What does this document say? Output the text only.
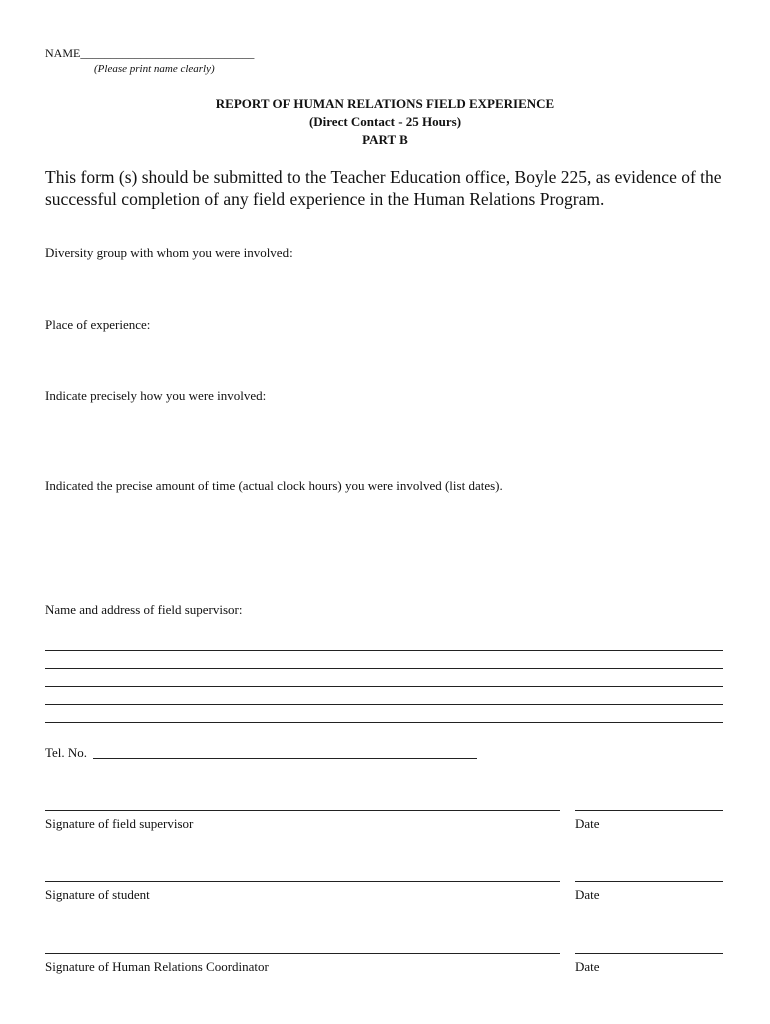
NAME_____________________________
(Please print name clearly)
REPORT OF HUMAN RELATIONS FIELD EXPERIENCE
(Direct Contact - 25 Hours)
PART B
This form (s) should be submitted to the Teacher Education office, Boyle 225, as evidence of the successful completion of any field experience in the Human Relations Program.
Diversity group with whom you were involved:
Place of experience:
Indicate precisely how you were involved:
Indicated the precise amount of time (actual clock hours) you were involved (list dates).
Name and address of field supervisor:
Tel. No.
Signature of field supervisor	Date
Signature of student	Date
Signature of Human Relations Coordinator	Date
